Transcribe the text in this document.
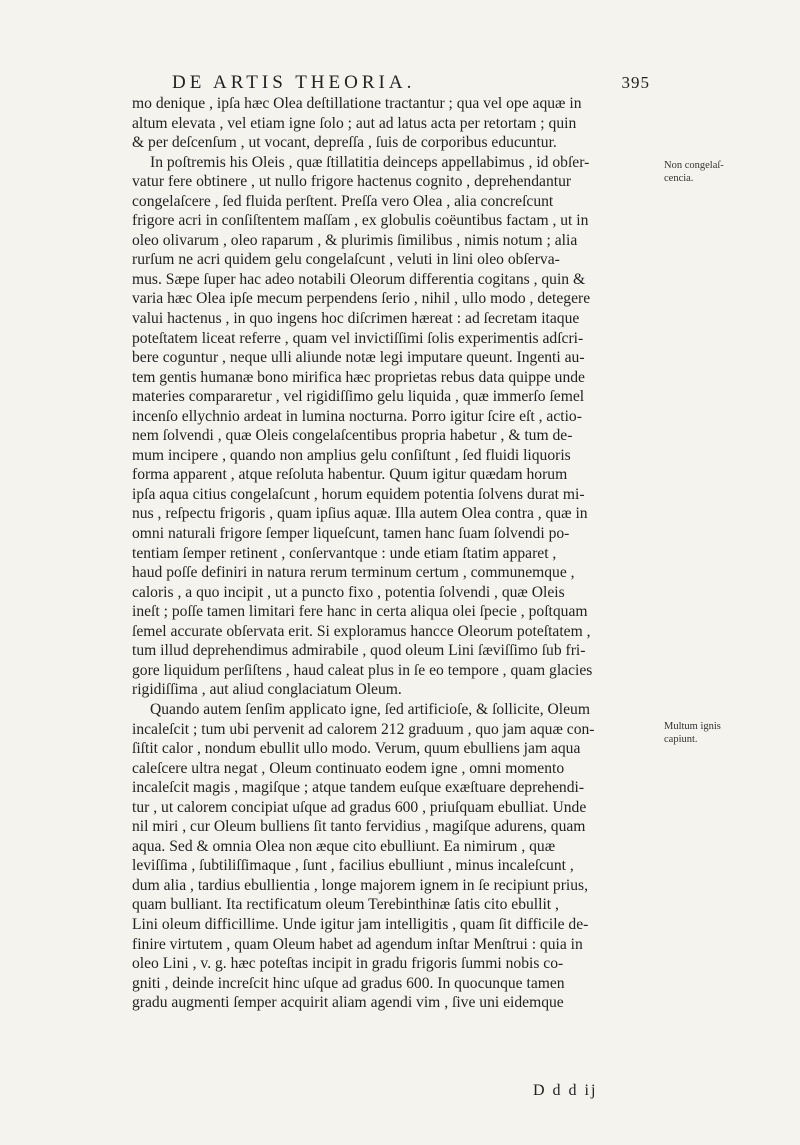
DE ARTIS THEORIA.	395
mo denique , ipſa hæc Olea deſtillatione tractantur ; qua vel ope aquæ in
altum elevata , vel etiam igne ſolo ; aut ad latus acta per retortam ; quin
& per deſcenſum , ut vocant, depreſſa , ſuis de corporibus educuntur.
In poſtremis his Oleis , quæ ſtillatitia deinceps appellabimus , id obſer-
vatur fere obtinere , ut nullo frigore hactenus cognito , deprehendantur
congelaſcere , ſed fluida perſtent. Preſſa vero Olea , alia concreſcunt
frigore acri in conſiſtentem maſſam , ex globulis coëuntibus factam , ut in
oleo olivarum , oleo raparum , & plurimis ſimilibus , nimis notum ; alia
rurſum ne acri quidem gelu congelaſcunt , veluti in lini oleo obſerva-
mus. Sæpe ſuper hac adeo notabili Oleorum differentia cogitans , quin &
varia hæc Olea ipſe mecum perpendens ſerio , nihil , ullo modo , detegere
valui hactenus , in quo ingens hoc diſcrimen hæreat : ad ſecretam itaque
poteſtatem liceat referre , quam vel invictiſſimi ſolis experimentis adſcri-
bere coguntur , neque ulli aliunde notæ legi imputare queunt. Ingenti au-
tem gentis humanæ bono mirifica hæc proprietas rebus data quippe unde
materies compararetur , vel rigidiſſimo gelu liquida , quæ immerſo ſemel
incenſo ellychnio ardeat in lumina nocturna. Porro igitur ſcire eſt , actio-
nem ſolvendi , quæ Oleis congelaſcentibus propria habetur , & tum de-
mum incipere , quando non amplius gelu conſiſtunt , ſed fluidi liquoris
forma apparent , atque reſoluta habentur. Quum igitur quædam horum
ipſa aqua citius congelaſcunt , horum equidem potentia ſolvens durat mi-
nus , reſpectu frigoris , quam ipſius aquæ. Illa autem Olea contra , quæ in
omni naturali frigore ſemper liqueſcunt, tamen hanc ſuam ſolvendi po-
tentiam ſemper retinent , conſervantque : unde etiam ſtatim apparet ,
haud poſſe definiri in natura rerum terminum certum , communemque ,
caloris , a quo incipit , ut a puncto fixo , potentia ſolvendi , quæ Oleis
ineſt ; poſſe tamen limitari fere hanc in certa aliqua olei ſpecie , poſtquam
ſemel accurate obſervata erit. Si exploramus hancce Oleorum poteſtatem ,
tum illud deprehendimus admirabile , quod oleum Lini ſæviſſimo ſub fri-
gore liquidum perſiſtens , haud caleat plus in ſe eo tempore , quam glacies
rigidiſſima , aut aliud conglaciatum Oleum.
Quando autem ſenſim applicato igne, ſed artificioſe, & ſollicite, Oleum
incaleſcit ; tum ubi pervenit ad calorem 212 graduum , quo jam aquæ con-
ſiſtit calor , nondum ebullit ullo modo. Verum, quum ebulliens jam aqua
caleſcere ultra negat , Oleum continuato eodem igne , omni momento
incaleſcit magis , magiſque ; atque tandem euſque exæſtuare deprehendi-
tur , ut calorem concipiat uſque ad gradus 600 , priuſquam ebulliat. Unde
nil miri , cur Oleum bulliens ſit tanto fervidius , magiſque adurens, quam
aqua. Sed & omnia Olea non æque cito ebulliunt. Ea nimirum , quæ
leviſſima , ſubtiliſſimaque , ſunt , facilius ebulliunt , minus incaleſcunt ,
dum alia , tardius ebullientia , longe majorem ignem in ſe recipiunt prius,
quam bulliant. Ita rectificatum oleum Terebinthinæ ſatis cito ebullit ,
Lini oleum difficillime. Unde igitur jam intelligitis , quam ſit difficile de-
finire virtutem , quam Oleum habet ad agendum inſtar Menſtrui : quia in
oleo Lini , v. g. hæc poteſtas incipit in gradu frigoris ſummi nobis co-
gniti , deinde increſcit hinc uſque ad gradus 600. In quocunque tamen
gradu augmenti ſemper acquirit aliam agendi vim , ſive uni eidemque
Non congelaſ-cencia.
Multum ignis capiunt.
D d d ij
